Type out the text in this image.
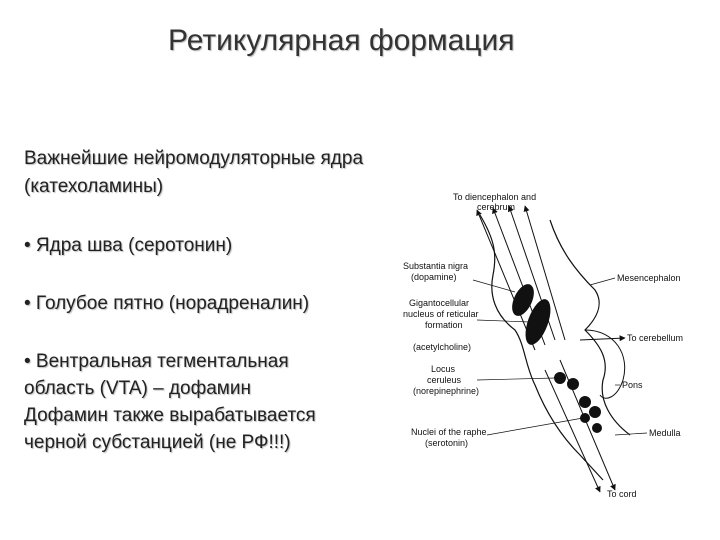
Ретикулярная формация
Важнейшие нейромодуляторные ядра
(катехоламины)
• Ядра шва (серотонин)
• Голубое пятно (норадреналин)
• Вентральная тегментальная
область (VTA) – дофамин
Дофамин также вырабатывается
черной субстанцией (не РФ!!!)
To diencephalon and
cerebrum
Substantia nigra
(dopamine)	Mesencephalon
Gigantocellular
nucleus of reticular
formation
(acetylcholine)
To cerebellum
Locus
ceruleus
(norepinephrine)
Pons
Nuclei of the raphe
(serotonin)
Medulla
To cord
